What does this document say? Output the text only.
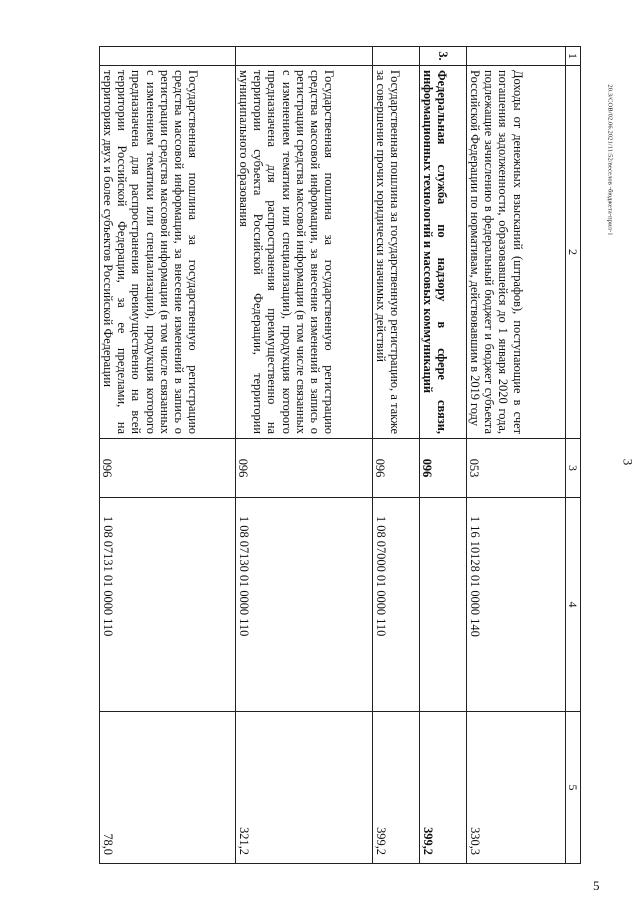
3
20.3/СОВ/02.06.2021/11:52/веселов -бюджета-прил-1
5
1	2	3	4	5
	Доходы от денежных взысканий (штрафов), поступающие в счет погашения задолженности, образовавшейся до 1 января 2020 года, подлежащие зачислению в федеральный бюджет и бюджет субъекта Российской Федерации по нормативам, действовавшим в 2019 году	053	1 16 10128 01 0000 140	330,3
3.	Федеральная служба по надзору в сфере связи, информационных технологий и массовых коммуникаций	096		399,2
	Государственная пошлина за государственную регистрацию, а также за совершение прочих юридически значимых действий	096	1 08 07000 01 0000 110	399,2
	Государственная пошлина за государственную регистрацию средства массовой информации, за внесение изменений в запись о регистрации средства массовой информации (в том числе связанных с изменением тематики или специализации), продукция которого предназначена для распространения преимущественно на территории субъекта Российской Федерации, территории муниципального образования	096	1 08 07130 01 0000 110	321,2
	Государственная пошлина за государственную регистрацию средства массовой информации, за внесение изменений в запись о регистрации средства массовой информации (в том числе связанных с изменением тематики или специализации), продукция которого предназначена для распространения преимущественно на всей территории Российской Федерации, за ее пределами, на территориях двух и более субъектов Российской Федерации	096	1 08 07131 01 0000 110	78,0
